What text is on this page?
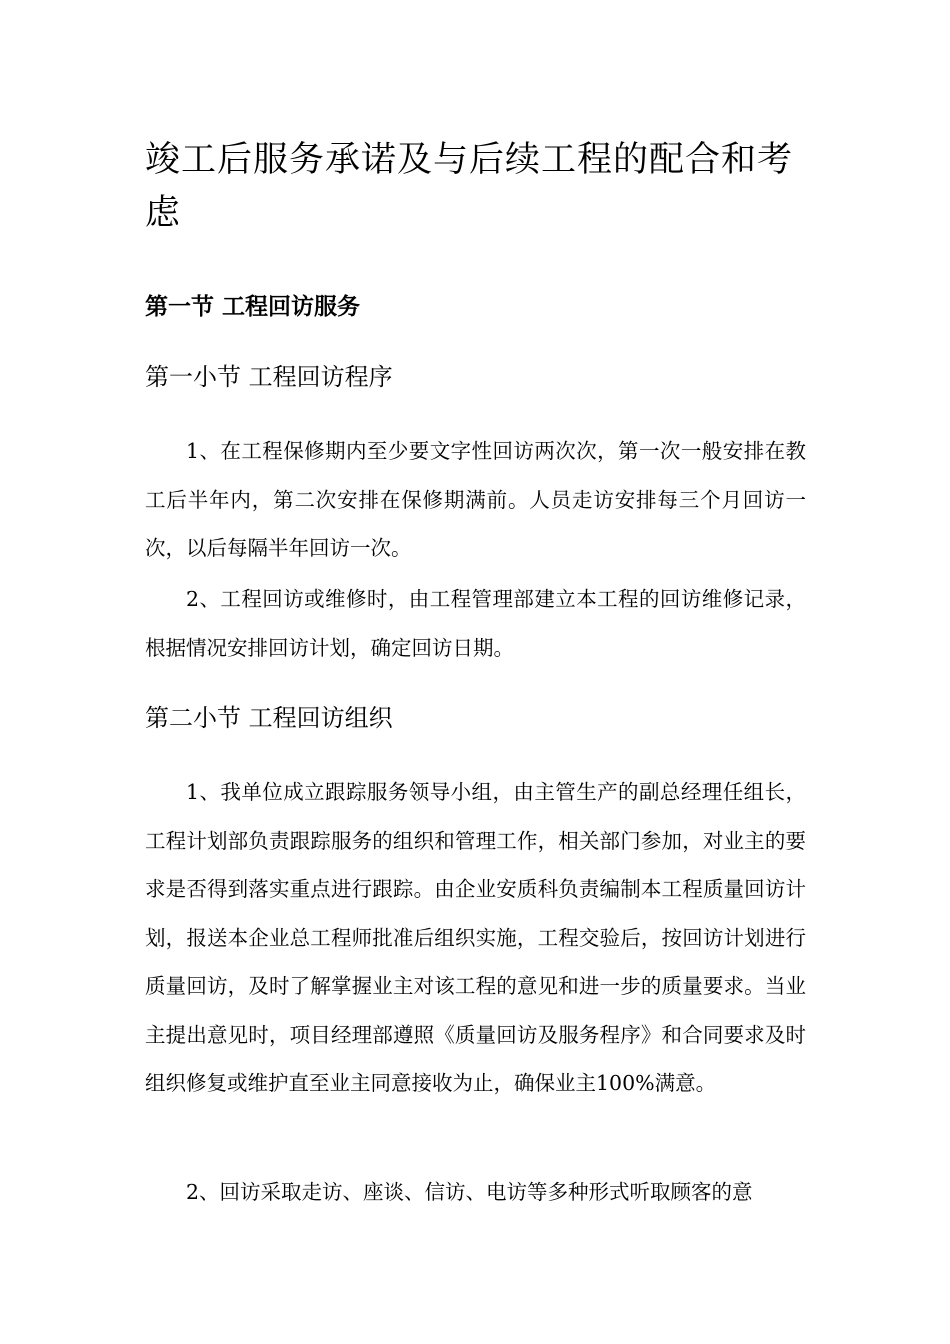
竣工后服务承诺及与后续工程的配合和考虑
第一节 工程回访服务
第一小节 工程回访程序

1、在工程保修期内至少要文字性回访两次次，第一次一般安排在教工后半年内，第二次安排在保修期满前。人员走访安排每三个月回访一次，以后每隔半年回访一次。

2、工程回访或维修时，由工程管理部建立本工程的回访维修记录，根据情况安排回访计划，确定回访日期。

第二小节 工程回访组织

1、我单位成立跟踪服务领导小组，由主管生产的副总经理任组长，工程计划部负责跟踪服务的组织和管理工作，相关部门参加，对业主的要求是否得到落实重点进行跟踪。由企业安质科负责编制本工程质量回访计划，报送本企业总工程师批准后组织实施，工程交验后，按回访计划进行质量回访，及时了解掌握业主对该工程的意见和进一步的质量要求。当业主提出意见时，项目经理部遵照《质量回访及服务程序》和合同要求及时组织修复或维护直至业主同意接收为止，确保业主100%满意。

2、回访采取走访、座谈、信访、电访等多种形式听取顾客的意
